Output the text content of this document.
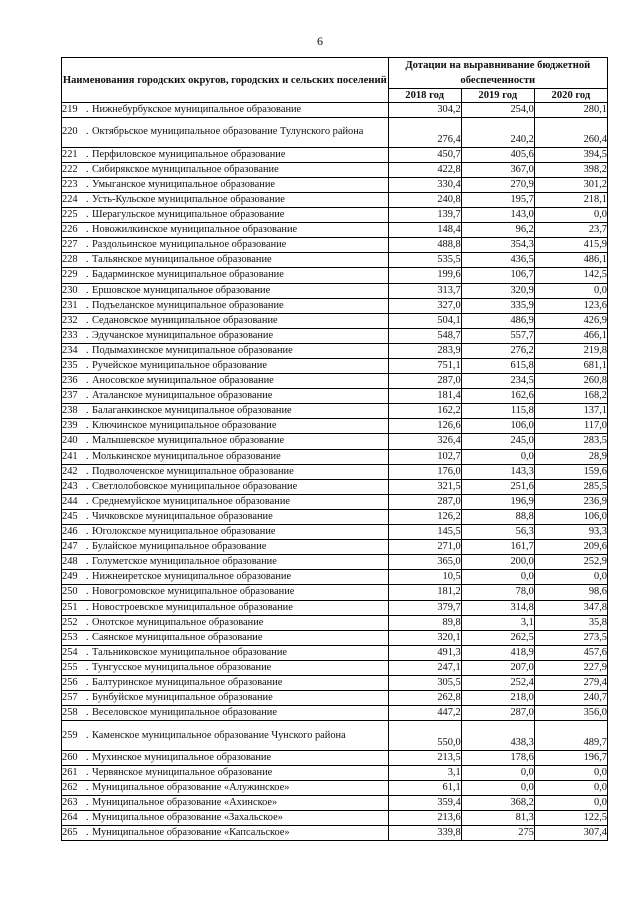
6
Наименования городских округов, городских и сельских поселений	Дотации на выравнивание бюджетной обеспеченности		
	2018 год	2019 год	2020 год
219 . Нижнебурбукское муниципальное образование	304,2	254,0	280,1
220 . Октябрьское муниципальное образование Тулунского района	276,4	240,2	260,4
221 . Перфиловское муниципальное образование	450,7	405,6	394,5
222 . Сибирякское муниципальное образование	422,8	367,0	398,2
223 . Умыганское муниципальное образование	330,4	270,9	301,2
224 . Усть-Кульское муниципальное образование	240,8	195,7	218,1
225 . Шерагульское муниципальное образование	139,7	143,0	0,0
226 . Новожилкинское муниципальное образование	148,4	96,2	23,7
227 . Раздольинское муниципальное образование	488,8	354,3	415,9
228 . Тальянское муниципальное образование	535,5	436,5	486,1
229 . Бадарминское муниципальное образование	199,6	106,7	142,5
230 . Ершовское муниципальное образование	313,7	320,9	0,0
231 . Подъеланское муниципальное образование	327,0	335,9	123,6
232 . Седановское муниципальное образование	504,1	486,9	426,9
233 . Эдучанское муниципальное образование	548,7	557,7	466,1
234 . Подымахинское муниципальное образование	283,9	276,2	219,8
235 . Ручейское муниципальное образование	751,1	615,8	681,1
236 . Аносовское муниципальное образование	287,0	234,5	260,8
237 . Аталанское муниципальное образование	181,4	162,6	168,2
238 . Балаганкинское муниципальное образование	162,2	115,8	137,1
239 . Ключинское муниципальное образование	126,6	106,0	117,0
240 . Малышевское муниципальное образование	326,4	245,0	283,5
241 . Молькинское муниципальное образование	102,7	0,0	28,9
242 . Подволоченское муниципальное образование	176,0	143,3	159,6
243 . Светлолобовское муниципальное образование	321,5	251,6	285,5
244 . Среднемуйское муниципальное образование	287,0	196,9	236,9
245 . Чичковское муниципальное образование	126,2	88,8	106,0
246 . Юголокское муниципальное образование	145,5	56,3	93,3
247 . Булайское муниципальное образование	271,0	161,7	209,6
248 . Голуметское муниципальное образование	365,0	200,0	252,9
249 . Нижнеиретское муниципальное образование	10,5	0,0	0,0
250 . Новогромовское муниципальное образование	181,2	78,0	98,6
251 . Новостроевское муниципальное образование	379,7	314,8	347,8
252 . Онотское муниципальное образование	89,8	3,1	35,8
253 . Саянское муниципальное образование	320,1	262,5	273,5
254 . Тальниковское муниципальное образование	491,3	418,9	457,6
255 . Тунгусское муниципальное образование	247,1	207,0	227,9
256 . Балтуринское муниципальное образование	305,5	252,4	279,4
257 . Бунбуйское муниципальное образование	262,8	218,0	240,7
258 . Веселовское муниципальное образование	447,2	287,0	356,0
259 . Каменское муниципальное образование Чунского района	550,0	438,3	489,7
260 . Мухинское муниципальное образование	213,5	178,6	196,7
261 . Червянское муниципальное образование	3,1	0,0	0,0
262 . Муниципальное образование «Алужинское»	61,1	0,0	0,0
263 . Муниципальное образование «Ахинское»	359,4	368,2	0,0
264 . Муниципальное образование «Захальское»	213,6	81,3	122,5
265 . Муниципальное образование «Капсальское»	339,8	275	307,4
